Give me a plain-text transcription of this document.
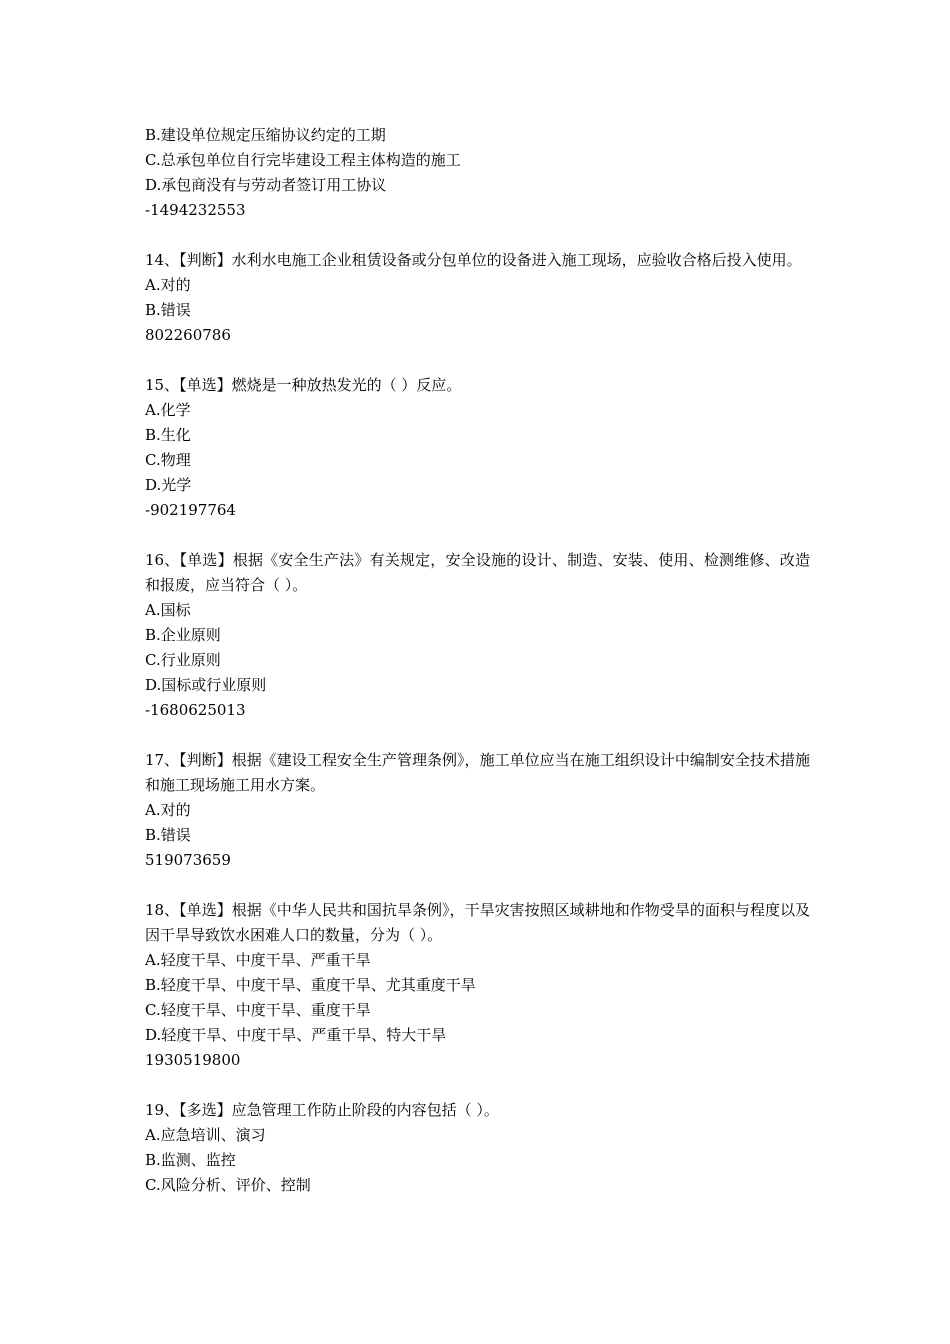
B.建设单位规定压缩协议约定的工期
C.总承包单位自行完毕建设工程主体构造的施工
D.承包商没有与劳动者签订用工协议
-1494232553
14、【判断】水利水电施工企业租赁设备或分包单位的设备进入施工现场，应验收合格后投入使用。
A.对的
B.错误
802260786
15、【单选】燃烧是一种放热发光的（ ）反应。
A.化学
B.生化
C.物理
D.光学
-902197764
16、【单选】根据《安全生产法》有关规定，安全设施的设计、制造、安装、使用、检测维修、改造和报废，应当符合（ ）。
A.国标
B.企业原则
C.行业原则
D.国标或行业原则
-1680625013
17、【判断】根据《建设工程安全生产管理条例》，施工单位应当在施工组织设计中编制安全技术措施和施工现场施工用水方案。
A.对的
B.错误
519073659
18、【单选】根据《中华人民共和国抗旱条例》，干旱灾害按照区域耕地和作物受旱的面积与程度以及因干旱导致饮水困难人口的数量，分为（ ）。
A.轻度干旱、中度干旱、严重干旱
B.轻度干旱、中度干旱、重度干旱、尤其重度干旱
C.轻度干旱、中度干旱、重度干旱
D.轻度干旱、中度干旱、严重干旱、特大干旱
1930519800
19、【多选】应急管理工作防止阶段的内容包括（ ）。
A.应急培训、演习
B.监测、监控
C.风险分析、评价、控制
